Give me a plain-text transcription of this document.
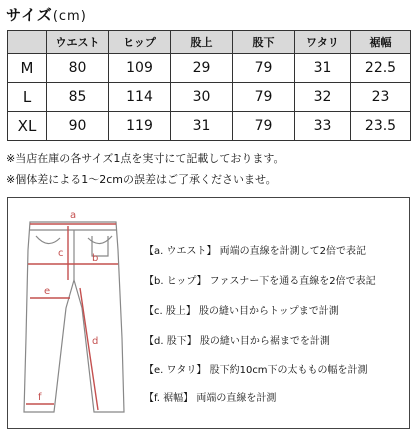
サイズ(cm)
	ウエスト	ヒップ	股上	股下	ワタリ	裾幅
M	80	109	29	79	31	22.5
L	85	114	30	79	32	23
XL	90	119	31	79	33	23.5
※当店在庫の各サイズ1点を実寸にて記載しております。
※個体差による1〜2cmの誤差はご了承くださいませ。
a
b
c
d
e
f
【a. ウエスト】 両端の直線を計測して2倍で表記
【b. ヒップ】 ファスナー下を通る直線を2倍で表記
【c. 股上】 股の縫い目からトップまで計測
【d. 股下】 股の縫い目から裾までを計測
【e. ワタリ】 股下約10cm下の太ももの幅を計測
【f. 裾幅】 両端の直線を計測
